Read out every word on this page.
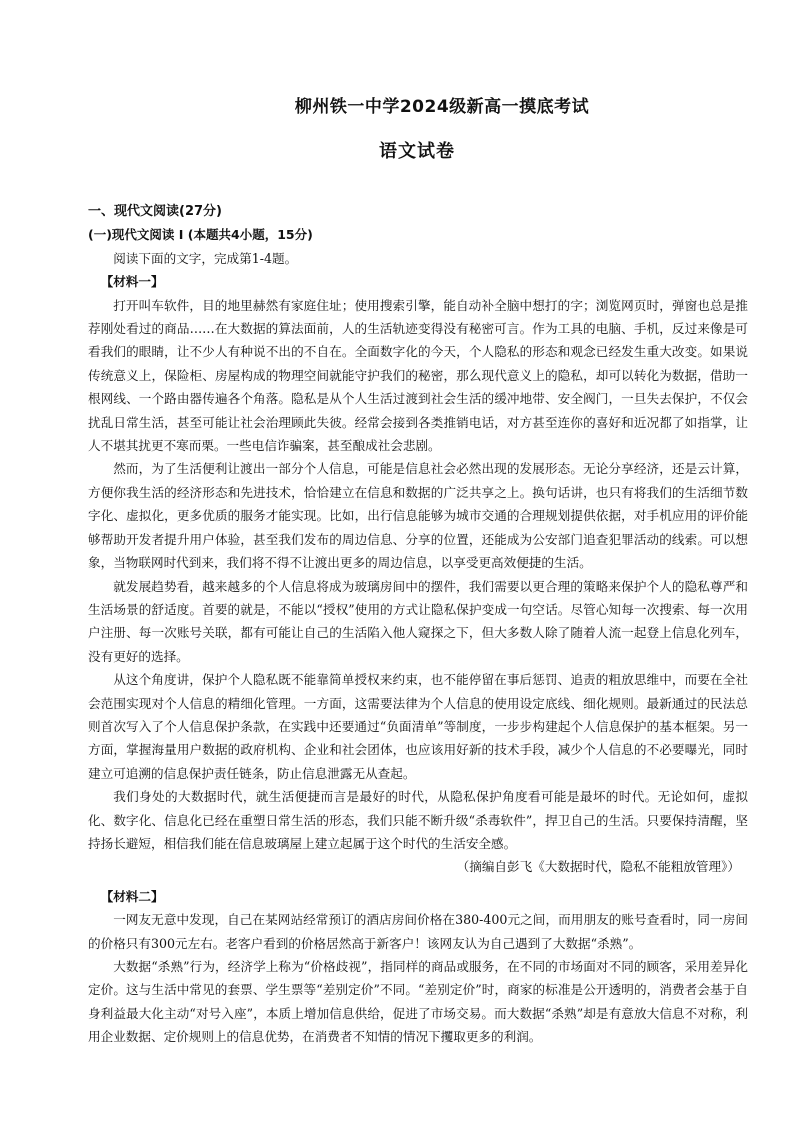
柳州铁一中学2024级新高一摸底考试
语文试卷
一、现代文阅读(27分)
(一)现代文阅读 I (本题共4小题，15分)

阅读下面的文字，完成第1-4题。

【材料一】

打开叫车软件，目的地里赫然有家庭住址；使用搜索引擎，能自动补全脑中想打的字；浏览网页时，弹窗也总是推荐刚处看过的商品……在大数据的算法面前，人的生活轨迹变得没有秘密可言。作为工具的电脑、手机，反过来像是可看我们的眼睛，让不少人有种说不出的不自在。全面数字化的今天，个人隐私的形态和观念已经发生重大改变。如果说传统意义上，保险柜、房屋构成的物理空间就能守护我们的秘密，那么现代意义上的隐私，却可以转化为数据，借助一根网线、一个路由器传遍各个角落。隐私是从个人生活过渡到社会生活的缓冲地带、安全阀门，一旦失去保护，不仅会扰乱日常生活，甚至可能让社会治理顾此失彼。经常会接到各类推销电话，对方甚至连你的喜好和近况都了如指掌，让人不堪其扰更不寒而栗。一些电信诈骗案，甚至酿成社会悲剧。

然而，为了生活便利让渡出一部分个人信息，可能是信息社会必然出现的发展形态。无论分享经济，还是云计算，方便你我生活的经济形态和先进技术，恰恰建立在信息和数据的广泛共享之上。换句话讲，也只有将我们的生活细节数字化、虚拟化，更多优质的服务才能实现。比如，出行信息能够为城市交通的合理规划提供依据，对手机应用的评价能够帮助开发者提升用户体验，甚至我们发布的周边信息、分享的位置，还能成为公安部门追查犯罪活动的线索。可以想象，当物联网时代到来，我们将不得不让渡出更多的周边信息，以享受更高效便捷的生活。

就发展趋势看，越来越多的个人信息将成为玻璃房间中的摆件，我们需要以更合理的策略来保护个人的隐私尊严和生活场景的舒适度。首要的就是，不能以“授权”使用的方式让隐私保护变成一句空话。尽管心知每一次搜索、每一次用户注册、每一次账号关联，都有可能让自己的生活陷入他人窥探之下，但大多数人除了随着人流一起登上信息化列车，没有更好的选择。

从这个角度讲，保护个人隐私既不能靠简单授权来约束，也不能停留在事后惩罚、追责的粗放思维中，而要在全社会范围实现对个人信息的精细化管理。一方面，这需要法律为个人信息的使用设定底线、细化规则。最新通过的民法总则首次写入了个人信息保护条款，在实践中还要通过“负面清单”等制度，一步步构建起个人信息保护的基本框架。另一方面，掌握海量用户数据的政府机构、企业和社会团体，也应该用好新的技术手段，减少个人信息的不必要曝光，同时建立可追溯的信息保护责任链条，防止信息泄露无从查起。

我们身处的大数据时代，就生活便捷而言是最好的时代，从隐私保护角度看可能是最坏的时代。无论如何，虚拟化、数字化、信息化已经在重塑日常生活的形态，我们只能不断升级“杀毒软件”，捍卫自己的生活。只要保持清醒，坚持扬长避短，相信我们能在信息玻璃屋上建立起属于这个时代的生活安全感。

（摘编自彭飞《大数据时代，隐私不能粗放管理》）
【材料二】

一网友无意中发现，自己在某网站经常预订的酒店房间价格在380-400元之间，而用朋友的账号查看时，同一房间的价格只有300元左右。老客户看到的价格居然高于新客户！该网友认为自己遇到了大数据“杀熟”。

大数据“杀熟”行为，经济学上称为“价格歧视”，指同样的商品或服务，在不同的市场面对不同的顾客，采用差异化定价。这与生活中常见的套票、学生票等“差别定价”不同。“差别定价”时，商家的标准是公开透明的，消费者会基于自身利益最大化主动“对号入座”，本质上增加信息供给，促进了市场交易。而大数据“杀熟”却是有意放大信息不对称，利用企业数据、定价规则上的信息优势，在消费者不知情的情况下攫取更多的利润。
